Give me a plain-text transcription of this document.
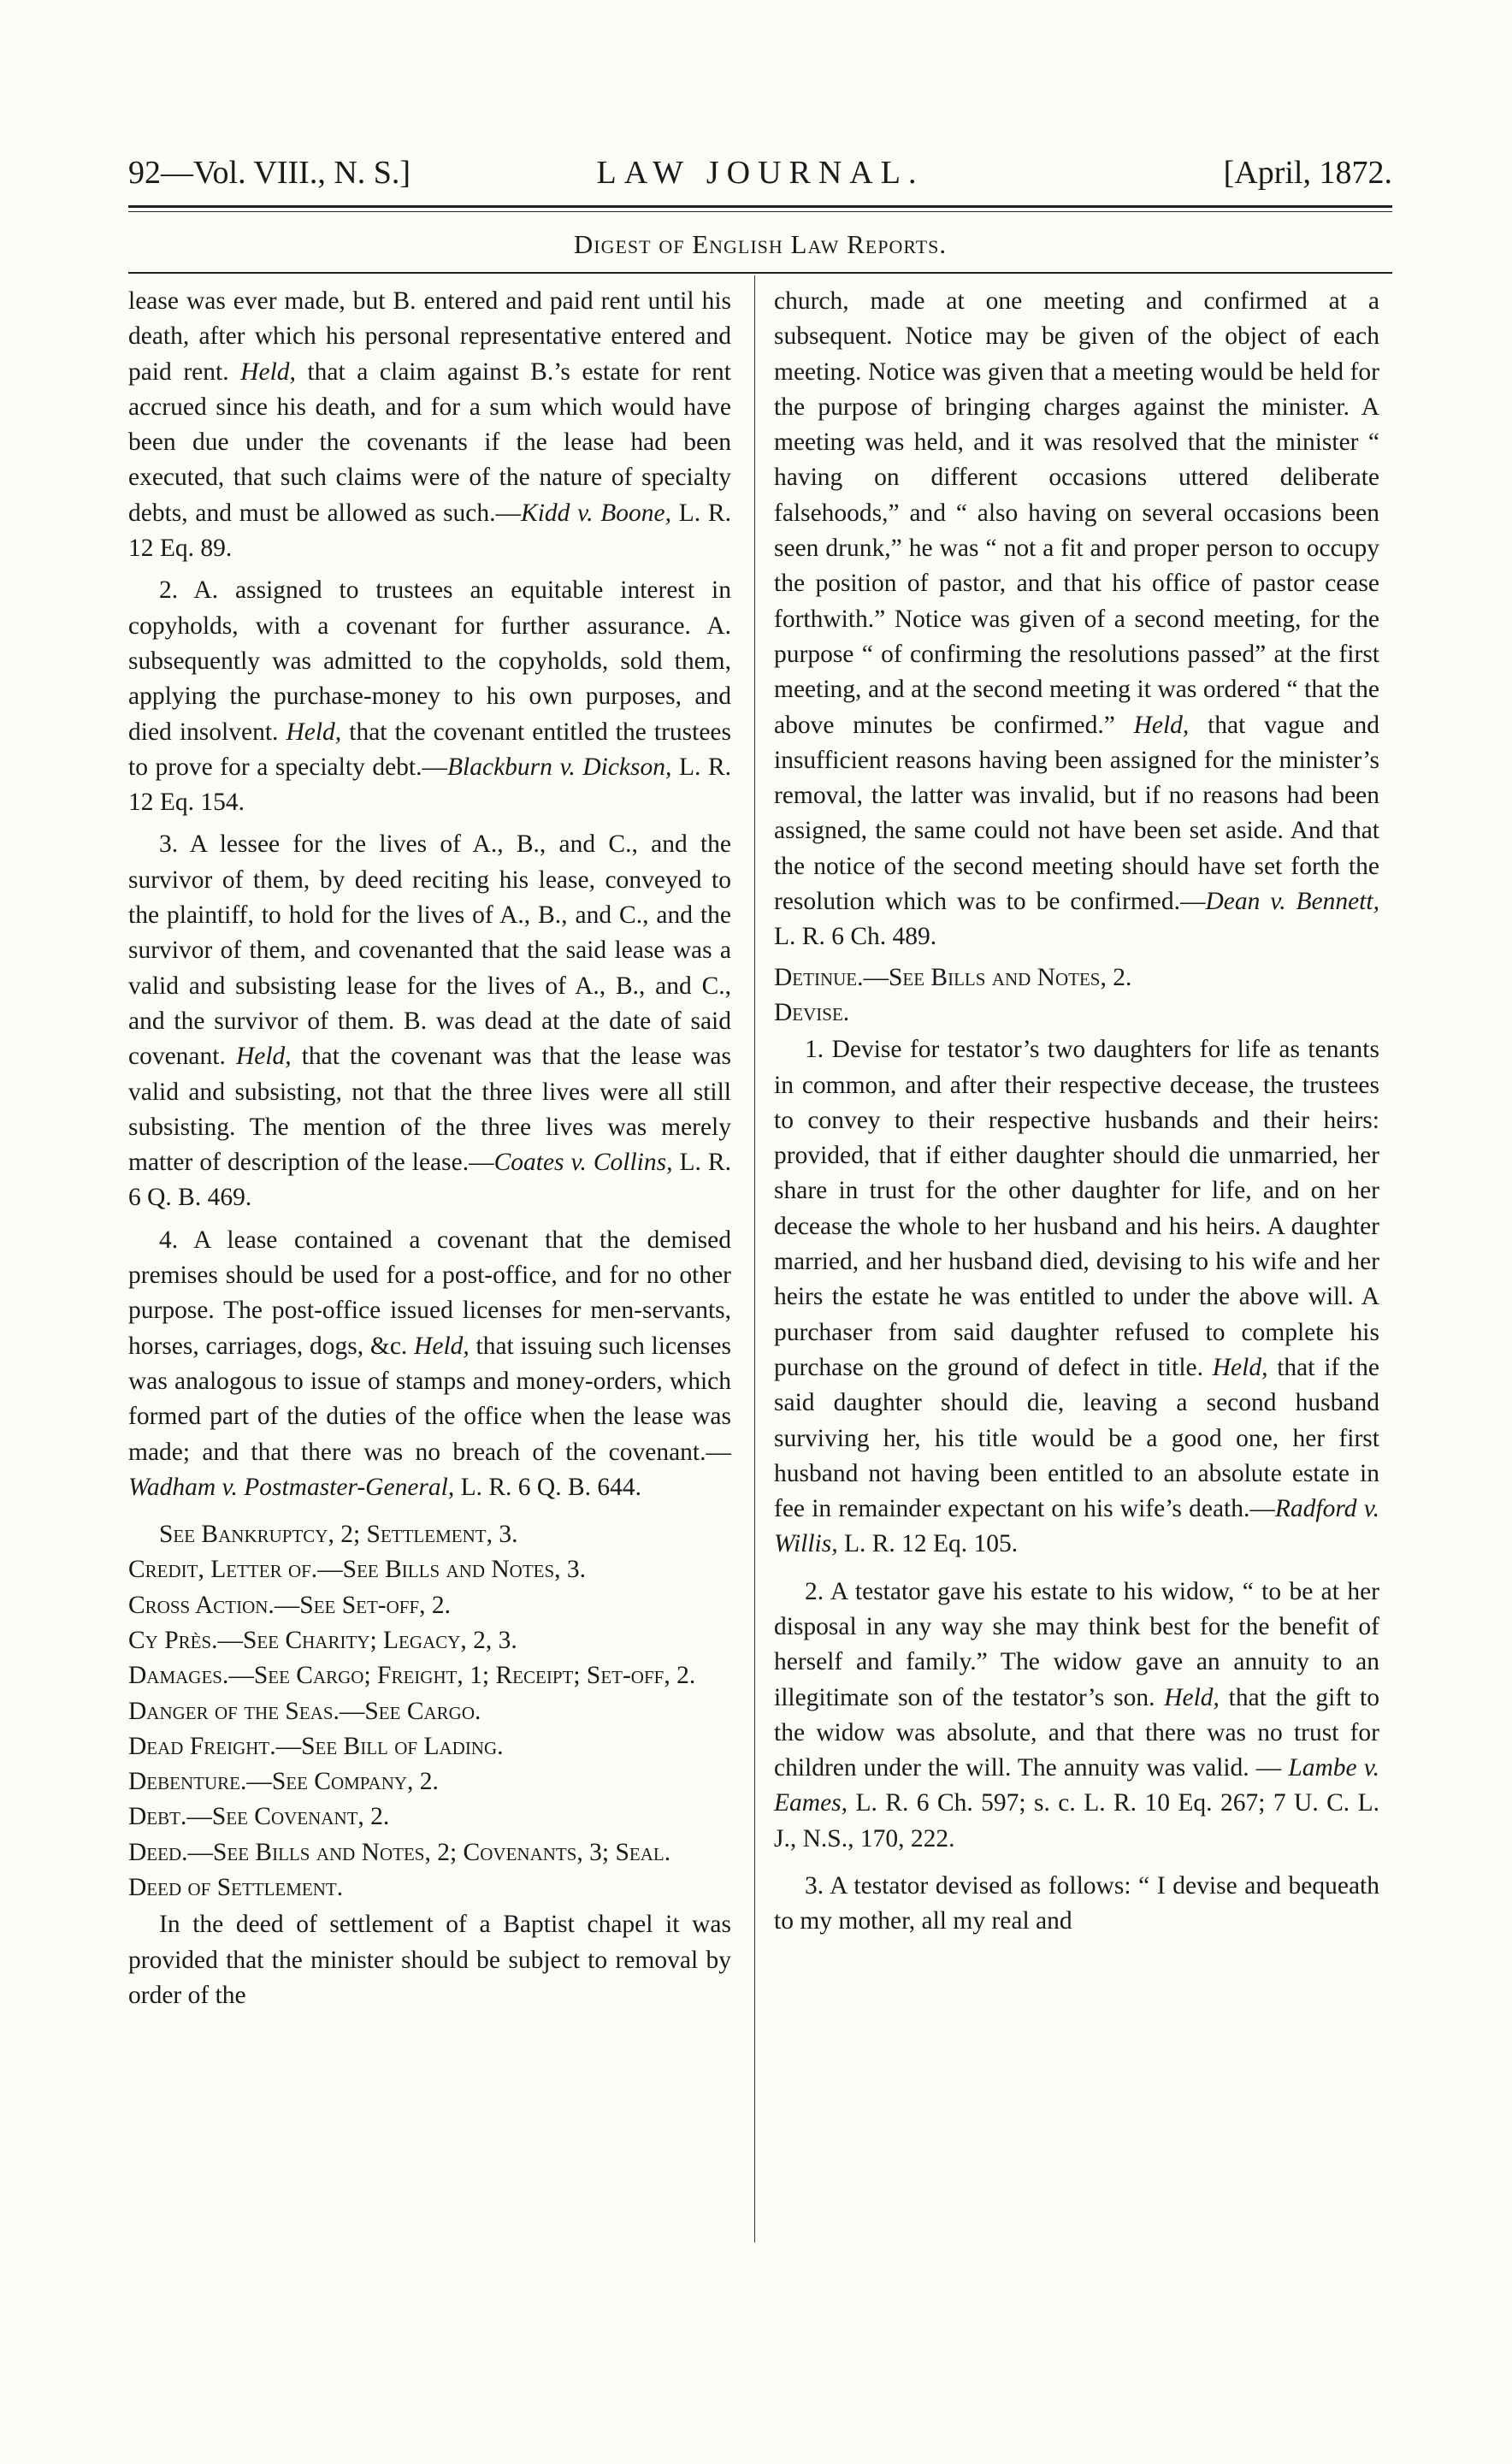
92—Vol. VIII., N. S.]	LAW JOURNAL.	[April, 1872.
Digest of English Law Reports.

lease was ever made, but B. entered and paid rent until his death, after which his personal representative entered and paid rent. Held, that a claim against B.’s estate for rent accrued since his death, and for a sum which would have been due under the covenants if the lease had been executed, that such claims were of the nature of specialty debts, and must be allowed as such.—Kidd v. Boone, L. R. 12 Eq. 89.

2. A. assigned to trustees an equitable interest in copyholds, with a covenant for further assurance. A. subsequently was admitted to the copyholds, sold them, applying the purchase-money to his own purposes, and died insolvent. Held, that the covenant entitled the trustees to prove for a specialty debt.—Blackburn v. Dickson, L. R. 12 Eq. 154.

3. A lessee for the lives of A., B., and C., and the survivor of them, by deed reciting his lease, conveyed to the plaintiff, to hold for the lives of A., B., and C., and the survivor of them, and covenanted that the said lease was a valid and subsisting lease for the lives of A., B., and C., and the survivor of them. B. was dead at the date of said covenant. Held, that the covenant was that the lease was valid and subsisting, not that the three lives were all still subsisting. The mention of the three lives was merely matter of description of the lease.—Coates v. Collins, L. R. 6 Q. B. 469.

4. A lease contained a covenant that the demised premises should be used for a post-office, and for no other purpose. The post-office issued licenses for men-servants, horses, carriages, dogs, &c. Held, that issuing such licenses was analogous to issue of stamps and money-orders, which formed part of the duties of the office when the lease was made; and that there was no breach of the covenant.—Wadham v. Postmaster-General, L. R. 6 Q. B. 644.

See Bankruptcy, 2; Settlement, 3.

Credit, Letter of.—See Bills and Notes, 3.

Cross Action.—See Set-off, 2.

Cy Près.—See Charity; Legacy, 2, 3.

Damages.—See Cargo; Freight, 1; Receipt; Set-off, 2.

Danger of the Seas.—See Cargo.

Dead Freight.—See Bill of Lading.

Debenture.—See Company, 2.

Debt.—See Covenant, 2.

Deed.—See Bills and Notes, 2; Covenants, 3; Seal.

Deed of Settlement.

In the deed of settlement of a Baptist chapel it was provided that the minister should be subject to removal by order of the

church, made at one meeting and confirmed at a subsequent. Notice may be given of the object of each meeting. Notice was given that a meeting would be held for the purpose of bringing charges against the minister. A meeting was held, and it was resolved that the minister “ having on different occasions uttered deliberate falsehoods,” and “ also having on several occasions been seen drunk,” he was “ not a fit and proper person to occupy the position of pastor, and that his office of pastor cease forthwith.” Notice was given of a second meeting, for the purpose “ of confirming the resolutions passed” at the first meeting, and at the second meeting it was ordered “ that the above minutes be confirmed.” Held, that vague and insufficient reasons having been assigned for the minister’s removal, the latter was invalid, but if no reasons had been assigned, the same could not have been set aside. And that the notice of the second meeting should have set forth the resolution which was to be confirmed.—Dean v. Bennett, L. R. 6 Ch. 489.

Detinue.—See Bills and Notes, 2.

Devise.

1. Devise for testator’s two daughters for life as tenants in common, and after their respective decease, the trustees to convey to their respective husbands and their heirs: provided, that if either daughter should die unmarried, her share in trust for the other daughter for life, and on her decease the whole to her husband and his heirs. A daughter married, and her husband died, devising to his wife and her heirs the estate he was entitled to under the above will. A purchaser from said daughter refused to complete his purchase on the ground of defect in title. Held, that if the said daughter should die, leaving a second husband surviving her, his title would be a good one, her first husband not having been entitled to an absolute estate in fee in remainder expectant on his wife’s death.—Radford v. Willis, L. R. 12 Eq. 105.

2. A testator gave his estate to his widow, “ to be at her disposal in any way she may think best for the benefit of herself and family.” The widow gave an annuity to an illegitimate son of the testator’s son. Held, that the gift to the widow was absolute, and that there was no trust for children under the will. The annuity was valid. — Lambe v. Eames, L. R. 6 Ch. 597; s. c. L. R. 10 Eq. 267; 7 U. C. L. J., N.S., 170, 222.

3. A testator devised as follows: “ I devise and bequeath to my mother, all my real and
